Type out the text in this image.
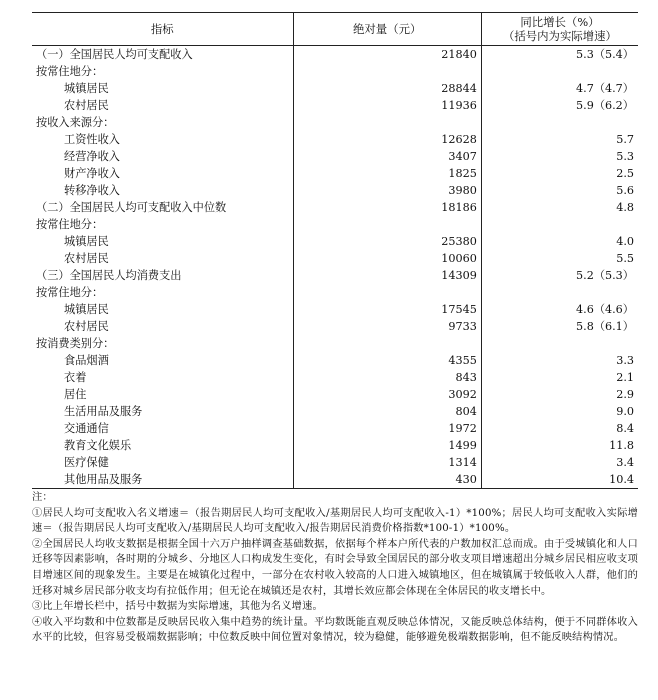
指标	绝对量（元）	同比增长（%）
（括号内为实际增速）

（一）全国居民人均可支配收入	21840	5.3（5.4）
按常住地分：		
城镇居民	28844	4.7（4.7）
农村居民	11936	5.9（6.2）
按收入来源分：		
工资性收入	12628	5.7
经营净收入	3407	5.3
财产净收入	1825	2.5
转移净收入	3980	5.6
（二）全国居民人均可支配收入中位数	18186	4.8
按常住地分：		
城镇居民	25380	4.0
农村居民	10060	5.5
（三）全国居民人均消费支出	14309	5.2（5.3）
按常住地分：		
城镇居民	17545	4.6（4.6）
农村居民	9733	5.8（6.1）
按消费类别分：		
食品烟酒	4355	3.3
衣着	843	2.1
居住	3092	2.9
生活用品及服务	804	9.0
交通通信	1972	8.4
教育文化娱乐	1499	11.8
医疗保健	1314	3.4
其他用品及服务	430	10.4

注：

①居民人均可支配收入名义增速＝（报告期居民人均可支配收入/基期居民人均可支配收入-1）*100%；居民人均可支配收入实际增速＝（报告期居民人均可支配收入/基期居民人均可支配收入/报告期居民消费价格指数*100-1）*100%。

②全国居民人均收支数据是根据全国十六万户抽样调查基础数据，依据每个样本户所代表的户数加权汇总而成。由于受城镇化和人口迁移等因素影响，各时期的分城乡、分地区人口构成发生变化，有时会导致全国居民的部分收支项目增速超出分城乡居民相应收支项目增速区间的现象发生。主要是在城镇化过程中，一部分在农村收入较高的人口进入城镇地区，但在城镇属于较低收入人群，他们的迁移对城乡居民部分收支均有拉低作用；但无论在城镇还是农村，其增长效应都会体现在全体居民的收支增长中。

③比上年增长栏中，括号中数据为实际增速，其他为名义增速。

④收入平均数和中位数都是反映居民收入集中趋势的统计量。平均数既能直观反映总体情况，又能反映总体结构，便于不同群体收入水平的比较，但容易受极端数据影响；中位数反映中间位置对象情况，较为稳健，能够避免极端数据影响，但不能反映结构情况。
